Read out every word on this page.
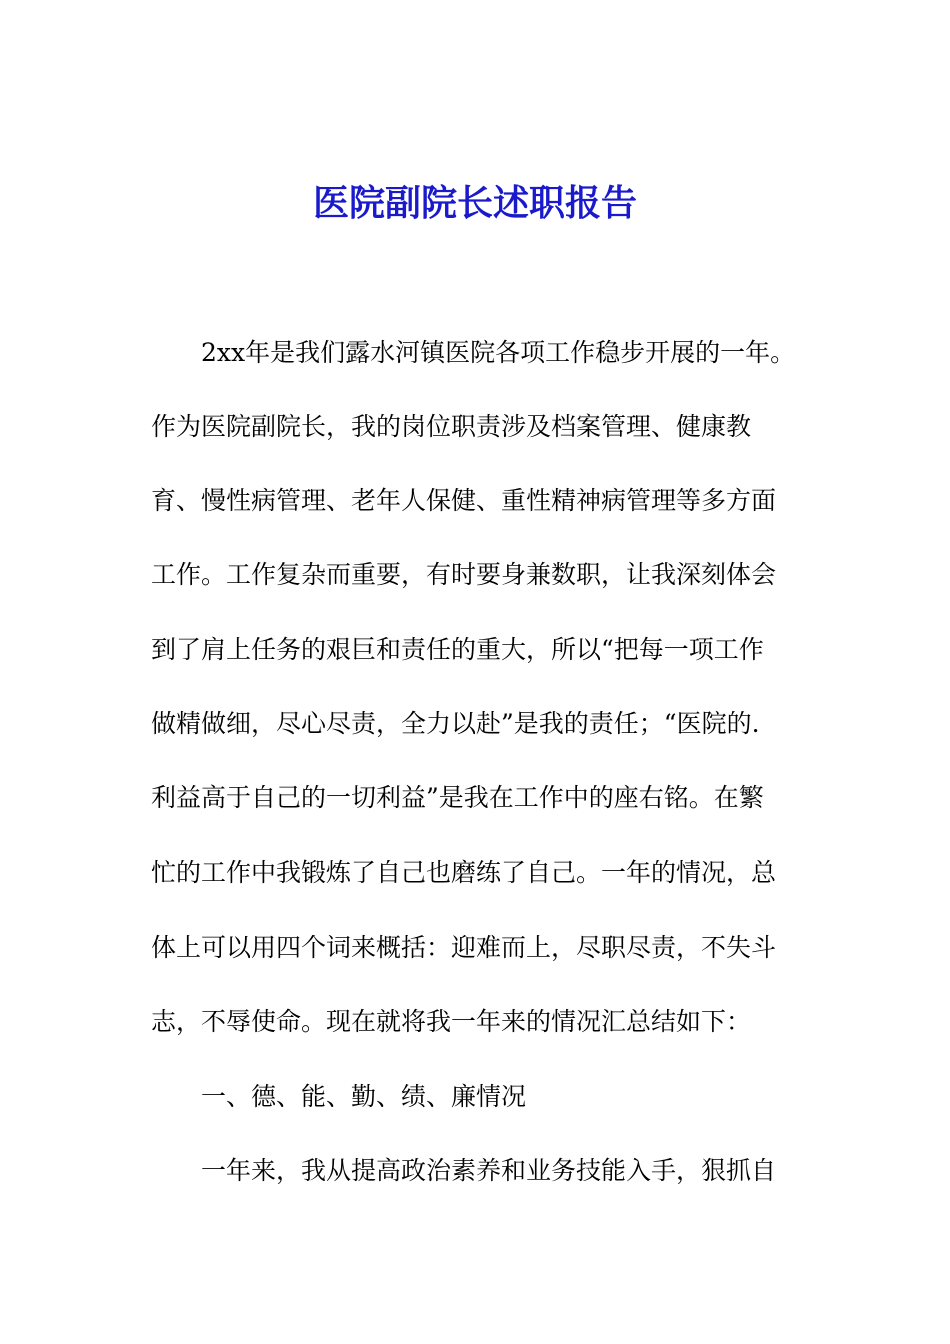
医院副院长述职报告

2xx年是我们露水河镇医院各项工作稳步开展的一年。

作为医院副院长，我的岗位职责涉及档案管理、健康教

育、慢性病管理、老年人保健、重性精神病管理等多方面

工作。工作复杂而重要，有时要身兼数职，让我深刻体会

到了肩上任务的艰巨和责任的重大，所以“把每一项工作

做精做细，尽心尽责，全力以赴”是我的责任；“医院的.

利益高于自己的一切利益”是我在工作中的座右铭。在繁

忙的工作中我锻炼了自己也磨练了自己。一年的情况，总

体上可以用四个词来概括：迎难而上，尽职尽责，不失斗

志，不辱使命。现在就将我一年来的情况汇总结如下：

一、德、能、勤、绩、廉情况

一年来，我从提高政治素养和业务技能入手，狠抓自
